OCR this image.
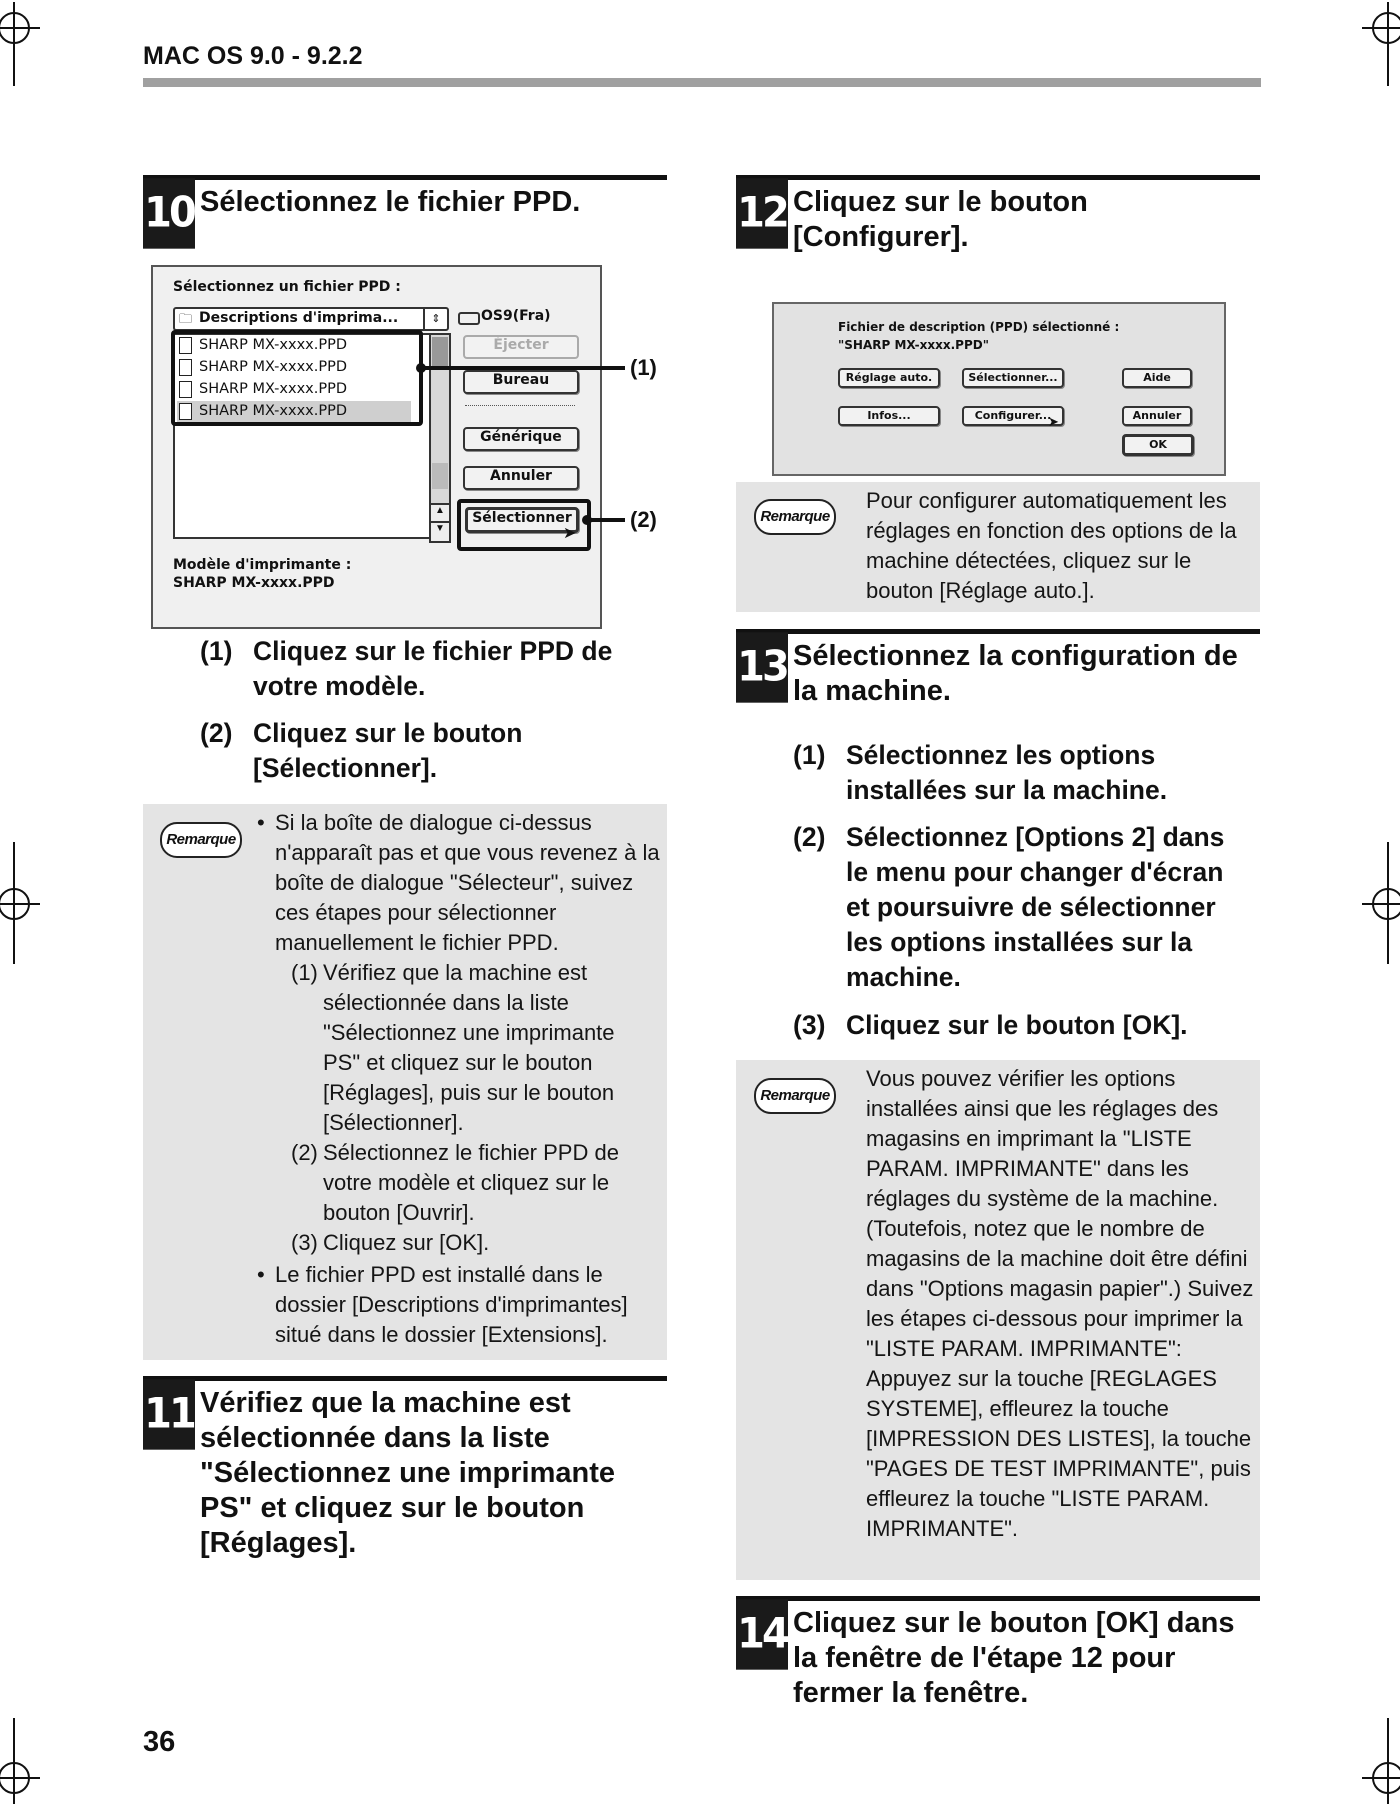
MAC OS 9.0 - 9.2.2
10 Sélectionnez le fichier PPD.
Sélectionnez un fichier PPD :
🗀 Descriptions d'imprima...	⇕	OS9(Fra)
▲
▼
SHARP MX-xxxx.PPD
SHARP MX-xxxx.PPD
SHARP MX-xxxx.PPD
SHARP MX-xxxx.PPD
Éjecter
Bureau
Générique
Annuler
Sélectionner
➤
Modèle d'imprimante :
SHARP MX-xxxx.PPD
(1)
(2)
(1) Cliquez sur le fichier PPD de votre modèle.
(2) Cliquez sur le bouton [Sélectionner].
Remarque
• Si la boîte de dialogue ci-dessus n'apparaît pas et que vous revenez à la boîte de dialogue "Sélecteur", suivez ces étapes pour sélectionner manuellement le fichier PPD.
(1) Vérifiez que la machine est sélectionnée dans la liste "Sélectionnez une imprimante PS" et cliquez sur le bouton [Réglages], puis sur le bouton [Sélectionner].
(2) Sélectionnez le fichier PPD de votre modèle et cliquez sur le bouton [Ouvrir].
(3) Cliquez sur [OK].
• Le fichier PPD est installé dans le dossier [Descriptions d'imprimantes] situé dans le dossier [Extensions].
11 Vérifiez que la machine est sélectionnée dans la liste "Sélectionnez une imprimante PS" et cliquez sur le bouton [Réglages].
12 Cliquez sur le bouton [Configurer].
Fichier de description (PPD) sélectionné :
"SHARP MX-xxxx.PPD"
Réglage auto.	Sélectionner...	Aide
Infos...	Configurer...
➤	Annuler
OK
Remarque
Pour configurer automatiquement les réglages en fonction des options de la machine détectées, cliquez sur le bouton [Réglage auto.].
13 Sélectionnez la configuration de la machine.
(1) Sélectionnez les options installées sur la machine.
(2) Sélectionnez [Options 2] dans le menu pour changer d'écran et poursuivre de sélectionner les options installées sur la machine.
(3) Cliquez sur le bouton [OK].
Remarque
Vous pouvez vérifier les options installées ainsi que les réglages des magasins en imprimant la "LISTE PARAM. IMPRIMANTE" dans les réglages du système de la machine. (Toutefois, notez que le nombre de magasins de la machine doit être défini dans "Options magasin papier".) Suivez les étapes ci-dessous pour imprimer la "LISTE PARAM. IMPRIMANTE": Appuyez sur la touche [REGLAGES SYSTEME], effleurez la touche [IMPRESSION DES LISTES], la touche "PAGES DE TEST IMPRIMANTE", puis effleurez la touche "LISTE PARAM. IMPRIMANTE".
14 Cliquez sur le bouton [OK] dans la fenêtre de l'étape 12 pour fermer la fenêtre.
36
